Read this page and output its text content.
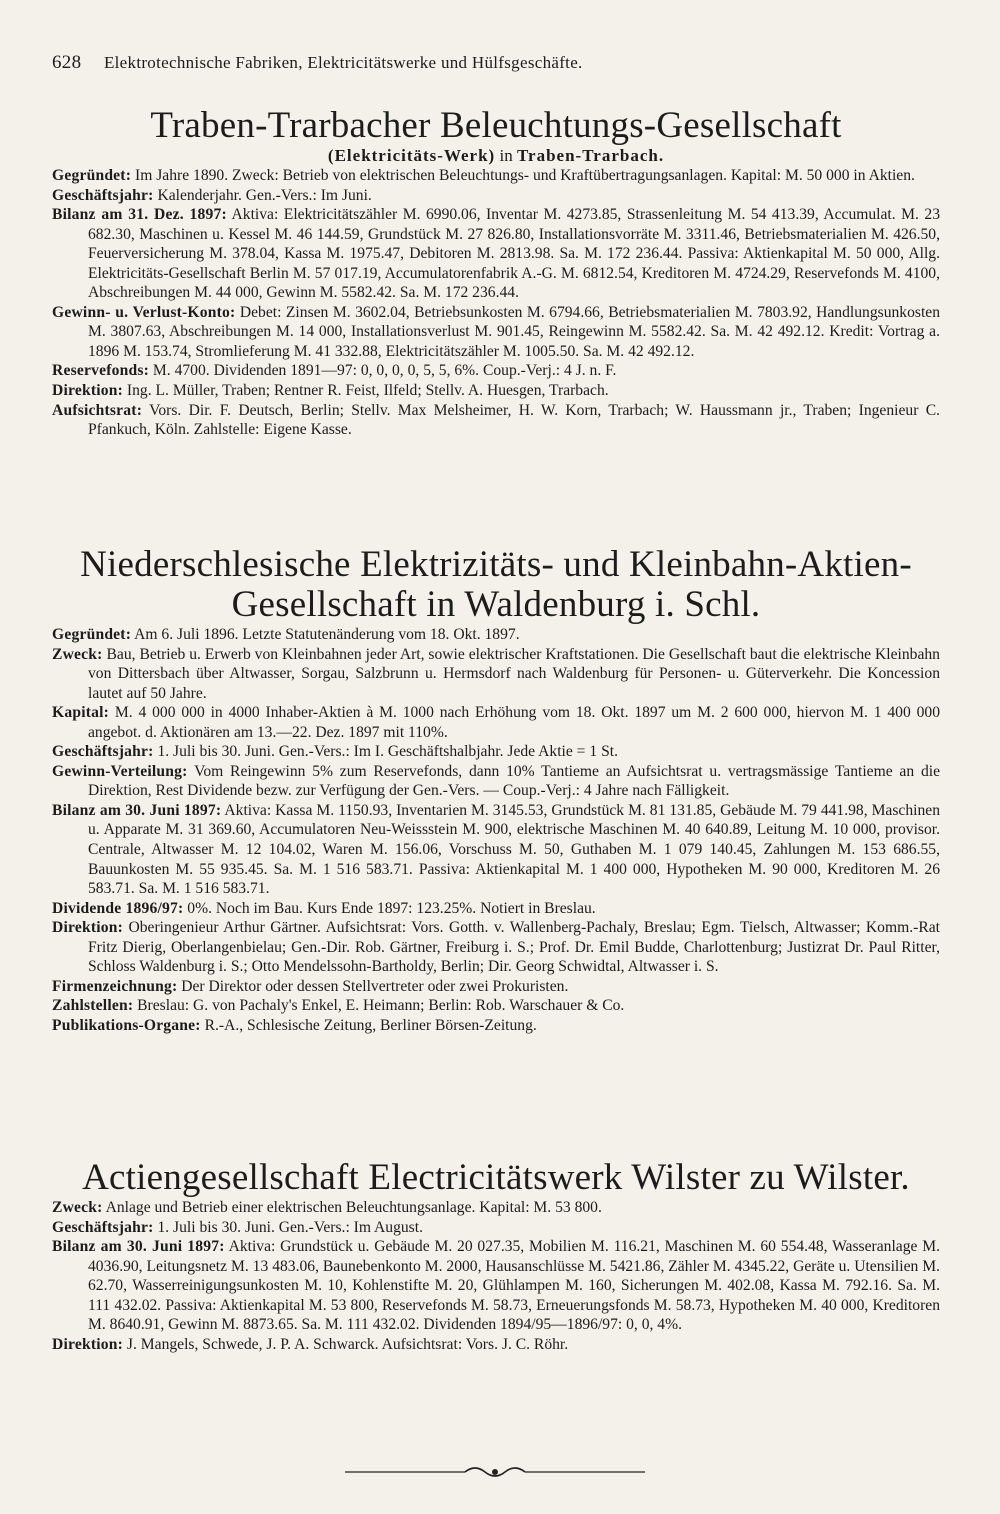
628 Elektrotechnische Fabriken, Elektricitätswerke und Hülfsgeschäfte.
Traben-Trarbacher Beleuchtungs-Gesellschaft
(Elektricitäts-Werk) in Traben-Trarbach.

Gegründet: Im Jahre 1890. Zweck: Betrieb von elektrischen Beleuchtungs- und Kraftübertragungsanlagen. Kapital: M. 50 000 in Aktien.

Geschäftsjahr: Kalenderjahr. Gen.-Vers.: Im Juni.

Bilanz am 31. Dez. 1897: Aktiva: Elektricitätszähler M. 6990.06, Inventar M. 4273.85, Strassenleitung M. 54 413.39, Accumulat. M. 23 682.30, Maschinen u. Kessel M. 46 144.59, Grundstück M. 27 826.80, Installationsvorräte M. 3311.46, Betriebsmaterialien M. 426.50, Feuerversicherung M. 378.04, Kassa M. 1975.47, Debitoren M. 2813.98. Sa. M. 172 236.44. Passiva: Aktienkapital M. 50 000, Allg. Elektricitäts-Gesellschaft Berlin M. 57 017.19, Accumulatorenfabrik A.-G. M. 6812.54, Kreditoren M. 4724.29, Reservefonds M. 4100, Abschreibungen M. 44 000, Gewinn M. 5582.42. Sa. M. 172 236.44.

Gewinn- u. Verlust-Konto: Debet: Zinsen M. 3602.04, Betriebsunkosten M. 6794.66, Betriebsmaterialien M. 7803.92, Handlungsunkosten M. 3807.63, Abschreibungen M. 14 000, Installationsverlust M. 901.45, Reingewinn M. 5582.42. Sa. M. 42 492.12. Kredit: Vortrag a. 1896 M. 153.74, Stromlieferung M. 41 332.88, Elektricitätszähler M. 1005.50. Sa. M. 42 492.12.

Reservefonds: M. 4700. Dividenden 1891—97: 0, 0, 0, 0, 5, 5, 6%. Coup.-Verj.: 4 J. n. F.

Direktion: Ing. L. Müller, Traben; Rentner R. Feist, Ilfeld; Stellv. A. Huesgen, Trarbach.

Aufsichtsrat: Vors. Dir. F. Deutsch, Berlin; Stellv. Max Melsheimer, H. W. Korn, Trarbach; W. Haussmann jr., Traben; Ingenieur C. Pfankuch, Köln. Zahlstelle: Eigene Kasse.

Niederschlesische Elektrizitäts- und Kleinbahn-Aktien-
Gesellschaft in Waldenburg i. Schl.

Gegründet: Am 6. Juli 1896. Letzte Statutenänderung vom 18. Okt. 1897.

Zweck: Bau, Betrieb u. Erwerb von Kleinbahnen jeder Art, sowie elektrischer Kraftstationen. Die Gesellschaft baut die elektrische Kleinbahn von Dittersbach über Altwasser, Sorgau, Salzbrunn u. Hermsdorf nach Waldenburg für Personen- u. Güterverkehr. Die Koncession lautet auf 50 Jahre.

Kapital: M. 4 000 000 in 4000 Inhaber-Aktien à M. 1000 nach Erhöhung vom 18. Okt. 1897 um M. 2 600 000, hiervon M. 1 400 000 angebot. d. Aktionären am 13.—22. Dez. 1897 mit 110%.

Geschäftsjahr: 1. Juli bis 30. Juni. Gen.-Vers.: Im I. Geschäftshalbjahr. Jede Aktie = 1 St.

Gewinn-Verteilung: Vom Reingewinn 5% zum Reservefonds, dann 10% Tantieme an Aufsichtsrat u. vertragsmässige Tantieme an die Direktion, Rest Dividende bezw. zur Verfügung der Gen.-Vers. — Coup.-Verj.: 4 Jahre nach Fälligkeit.

Bilanz am 30. Juni 1897: Aktiva: Kassa M. 1150.93, Inventarien M. 3145.53, Grundstück M. 81 131.85, Gebäude M. 79 441.98, Maschinen u. Apparate M. 31 369.60, Accumulatoren Neu-Weissstein M. 900, elektrische Maschinen M. 40 640.89, Leitung M. 10 000, provisor. Centrale, Altwasser M. 12 104.02, Waren M. 156.06, Vorschuss M. 50, Guthaben M. 1 079 140.45, Zahlungen M. 153 686.55, Bauunkosten M. 55 935.45. Sa. M. 1 516 583.71. Passiva: Aktienkapital M. 1 400 000, Hypotheken M. 90 000, Kreditoren M. 26 583.71. Sa. M. 1 516 583.71.

Dividende 1896/97: 0%. Noch im Bau. Kurs Ende 1897: 123.25%. Notiert in Breslau.

Direktion: Oberingenieur Arthur Gärtner. Aufsichtsrat: Vors. Gotth. v. Wallenberg-Pachaly, Breslau; Egm. Tielsch, Altwasser; Komm.-Rat Fritz Dierig, Oberlangenbielau; Gen.-Dir. Rob. Gärtner, Freiburg i. S.; Prof. Dr. Emil Budde, Charlottenburg; Justizrat Dr. Paul Ritter, Schloss Waldenburg i. S.; Otto Mendelssohn-Bartholdy, Berlin; Dir. Georg Schwidtal, Altwasser i. S.

Firmenzeichnung: Der Direktor oder dessen Stellvertreter oder zwei Prokuristen.

Zahlstellen: Breslau: G. von Pachaly's Enkel, E. Heimann; Berlin: Rob. Warschauer & Co.

Publikations-Organe: R.-A., Schlesische Zeitung, Berliner Börsen-Zeitung.

Actiengesellschaft Electricitätswerk Wilster zu Wilster.

Zweck: Anlage und Betrieb einer elektrischen Beleuchtungsanlage. Kapital: M. 53 800.

Geschäftsjahr: 1. Juli bis 30. Juni. Gen.-Vers.: Im August.

Bilanz am 30. Juni 1897: Aktiva: Grundstück u. Gebäude M. 20 027.35, Mobilien M. 116.21, Maschinen M. 60 554.48, Wasseranlage M. 4036.90, Leitungsnetz M. 13 483.06, Baunebenkonto M. 2000, Hausanschlüsse M. 5421.86, Zähler M. 4345.22, Geräte u. Utensilien M. 62.70, Wasserreinigungsunkosten M. 10, Kohlenstifte M. 20, Glühlampen M. 160, Sicherungen M. 402.08, Kassa M. 792.16. Sa. M. 111 432.02. Passiva: Aktienkapital M. 53 800, Reservefonds M. 58.73, Erneuerungsfonds M. 58.73, Hypotheken M. 40 000, Kreditoren M. 8640.91, Gewinn M. 8873.65. Sa. M. 111 432.02. Dividenden 1894/95—1896/97: 0, 0, 4%.

Direktion: J. Mangels, Schwede, J. P. A. Schwarck. Aufsichtsrat: Vors. J. C. Röhr.
